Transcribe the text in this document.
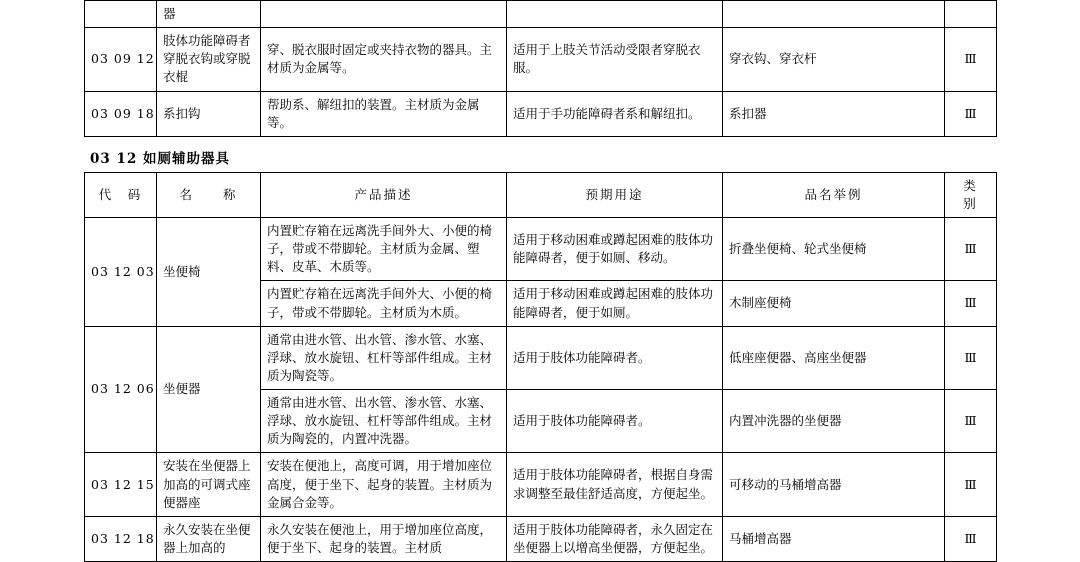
	器				
03 09 12	肢体功能障碍者穿脱衣钩或穿脱衣棍	穿、脱衣服时固定或夹持衣物的器具。主材质为金属等。	适用于上肢关节活动受限者穿脱衣服。	穿衣钩、穿衣杆	Ⅲ
03 09 18	系扣钩	帮助系、解纽扣的装置。主材质为金属等。	适用于手功能障碍者系和解纽扣。	系扣器	Ⅲ
03 12 如厕辅助器具
代　码	名　　称	产品描述	预期用途	品名举例	类　别
03 12 03	坐便椅	内置贮存箱在远离洗手间外大、小便的椅子，带或不带脚轮。主材质为金属、塑料、皮革、木质等。	适用于移动困难或蹲起困难的肢体功能障碍者，便于如厕、移动。	折叠坐便椅、轮式坐便椅	Ⅲ
		内置贮存箱在远离洗手间外大、小便的椅子，带或不带脚轮。主材质为木质。	适用于移动困难或蹲起困难的肢体功能障碍者，便于如厕。	木制座便椅	Ⅲ
03 12 06	坐便器	通常由进水管、出水管、渗水管、水塞、浮球、放水旋钮、杠杆等部件组成。主材质为陶瓷等。	适用于肢体功能障碍者。	低座座便器、高座坐便器	Ⅲ
		通常由进水管、出水管、渗水管、水塞、浮球、放水旋钮、杠杆等部件组成。主材质为陶瓷的，内置冲洗器。	适用于肢体功能障碍者。	内置冲洗器的坐便器	Ⅲ
03 12 15	安装在坐便器上加高的可调式座便器座	安装在便池上，高度可调，用于增加座位高度，便于坐下、起身的装置。主材质为金属合金等。	适用于肢体功能障碍者，根据自身需求调整至最佳舒适高度，方便起坐。	可移动的马桶增高器	Ⅲ
03 12 18	永久安装在坐便器上加高的	永久安装在便池上，用于增加座位高度，便于坐下、起身的装置。主材质	适用于肢体功能障碍者，永久固定在坐便器上以增高坐便器，方便起坐。	马桶增高器	Ⅲ
